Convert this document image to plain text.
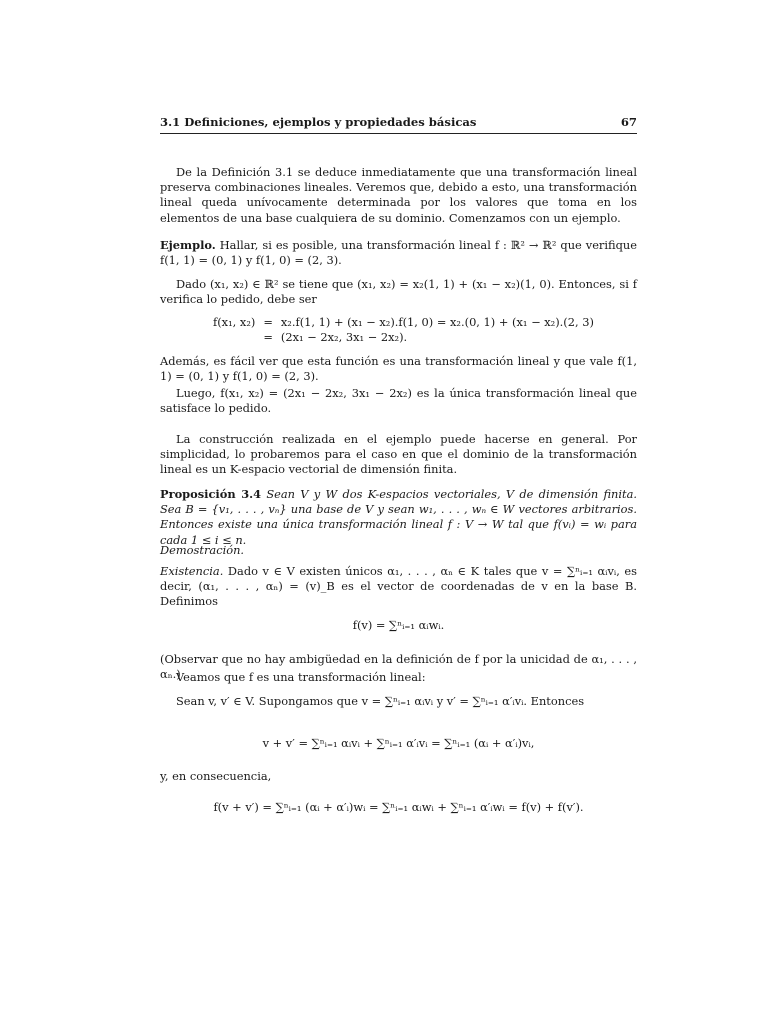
3.1 Definiciones, ejemplos y propiedades básicas	67
De la Definición 3.1 se deduce inmediatamente que una transformación lineal preserva combinaciones lineales. Veremos que, debido a esto, una transformación lineal queda unívocamente determinada por los valores que toma en los elementos de una base cualquiera de su dominio. Comenzamos con un ejemplo.
Ejemplo. Hallar, si es posible, una transformación lineal f : ℝ² → ℝ² que verifique f(1, 1) = (0, 1) y f(1, 0) = (2, 3).
Dado (x₁, x₂) ∈ ℝ² se tiene que (x₁, x₂) = x₂(1, 1) + (x₁ − x₂)(1, 0). Entonces, si f verifica lo pedido, debe ser
f(x₁, x₂)	=	x₂.f(1, 1) + (x₁ − x₂).f(1, 0) = x₂.(0, 1) + (x₁ − x₂).(2, 3)
	=	(2x₁ − 2x₂, 3x₁ − 2x₂).
Además, es fácil ver que esta función es una transformación lineal y que vale f(1, 1) = (0, 1) y f(1, 0) = (2, 3).
Luego, f(x₁, x₂) = (2x₁ − 2x₂, 3x₁ − 2x₂) es la única transformación lineal que satisface lo pedido.
La construcción realizada en el ejemplo puede hacerse en general. Por simplicidad, lo probaremos para el caso en que el dominio de la transformación lineal es un K-espacio vectorial de dimensión finita.
Proposición 3.4 Sean V y W dos K-espacios vectoriales, V de dimensión finita. Sea B = {v₁, . . . , vₙ} una base de V y sean w₁, . . . , wₙ ∈ W vectores arbitrarios. Entonces existe una única transformación lineal f : V → W tal que f(vᵢ) = wᵢ para cada 1 ≤ i ≤ n.
Demostración.
Existencia. Dado v ∈ V existen únicos α₁, . . . , αₙ ∈ K tales que v = ∑ⁿᵢ₌₁ αᵢvᵢ, es decir, (α₁, . . . , αₙ) = (v)_B es el vector de coordenadas de v en la base B. Definimos
f(v) = ∑ⁿᵢ₌₁ αᵢwᵢ.
(Observar que no hay ambigüedad en la definición de f por la unicidad de α₁, . . . , αₙ.)
Veamos que f es una transformación lineal:
Sean v, v′ ∈ V. Supongamos que v = ∑ⁿᵢ₌₁ αᵢvᵢ y v′ = ∑ⁿᵢ₌₁ α′ᵢvᵢ. Entonces
v + v′ = ∑ⁿᵢ₌₁ αᵢvᵢ + ∑ⁿᵢ₌₁ α′ᵢvᵢ = ∑ⁿᵢ₌₁ (αᵢ + α′ᵢ)vᵢ,
y, en consecuencia,
f(v + v′) = ∑ⁿᵢ₌₁ (αᵢ + α′ᵢ)wᵢ = ∑ⁿᵢ₌₁ αᵢwᵢ + ∑ⁿᵢ₌₁ α′ᵢwᵢ = f(v) + f(v′).
